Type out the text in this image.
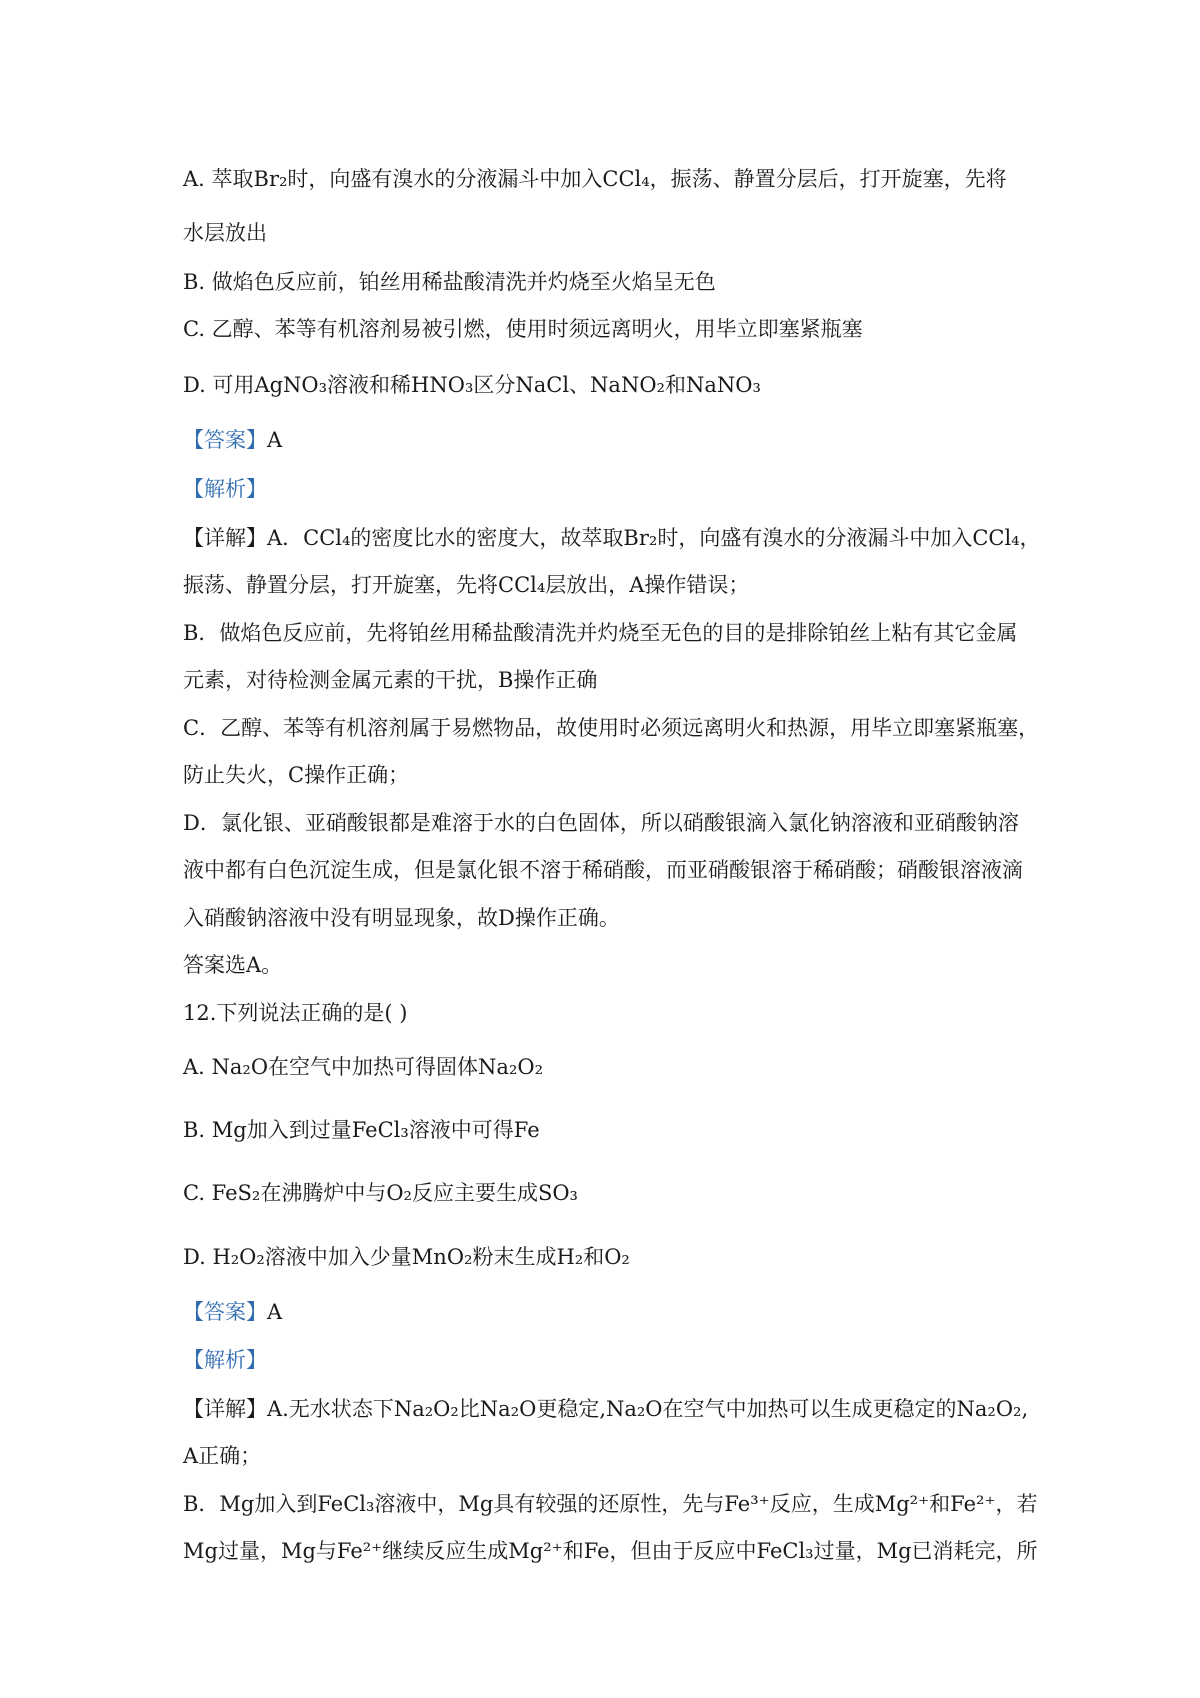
A. 萃取Br₂时，向盛有溴水的分液漏斗中加入CCl₄，振荡、静置分层后，打开旋塞，先将
水层放出
B. 做焰色反应前，铂丝用稀盐酸清洗并灼烧至火焰呈无色
C. 乙醇、苯等有机溶剂易被引燃，使用时须远离明火，用毕立即塞紧瓶塞
D. 可用AgNO₃溶液和稀HNO₃区分NaCl、NaNO₂和NaNO₃
【答案】A
【解析】
【详解】A．CCl₄的密度比水的密度大，故萃取Br₂时，向盛有溴水的分液漏斗中加入CCl₄，
振荡、静置分层，打开旋塞，先将CCl₄层放出，A操作错误；
B．做焰色反应前，先将铂丝用稀盐酸清洗并灼烧至无色的目的是排除铂丝上粘有其它金属
元素，对待检测金属元素的干扰，B操作正确
C．乙醇、苯等有机溶剂属于易燃物品，故使用时必须远离明火和热源，用毕立即塞紧瓶塞，
防止失火，C操作正确；
D．氯化银、亚硝酸银都是难溶于水的白色固体，所以硝酸银滴入氯化钠溶液和亚硝酸钠溶
液中都有白色沉淀生成，但是氯化银不溶于稀硝酸，而亚硝酸银溶于稀硝酸；硝酸银溶液滴
入硝酸钠溶液中没有明显现象，故D操作正确。
答案选A。
12.下列说法正确的是( )
A. Na₂O在空气中加热可得固体Na₂O₂
B. Mg加入到过量FeCl₃溶液中可得Fe
C. FeS₂在沸腾炉中与O₂反应主要生成SO₃
D. H₂O₂溶液中加入少量MnO₂粉末生成H₂和O₂
【答案】A
【解析】
【详解】A.无水状态下Na₂O₂比Na₂O更稳定,Na₂O在空气中加热可以生成更稳定的Na₂O₂,
A正确；
B．Mg加入到FeCl₃溶液中，Mg具有较强的还原性，先与Fe³⁺反应，生成Mg²⁺和Fe²⁺，若
Mg过量，Mg与Fe²⁺继续反应生成Mg²⁺和Fe，但由于反应中FeCl₃过量，Mg已消耗完，所
